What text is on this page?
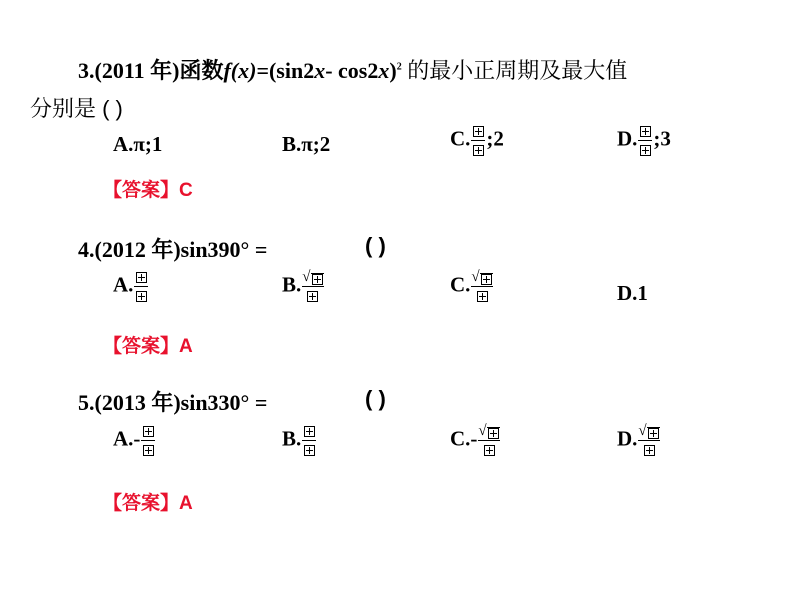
3.(2011 年)函数f(x)=(sin2x- cos2x)$^2$ 的最小正周期及最大值
分别是 ( )
A.π;1	B.π;2	C. ;2	D. ;3
【答案】C
4.(2012 年)sin390° =	( )
A.	B. √	C. √
D.1
【答案】A
5.(2013 年)sin330° =	( )
A.-	B.	C.- √	D. √
【答案】A
